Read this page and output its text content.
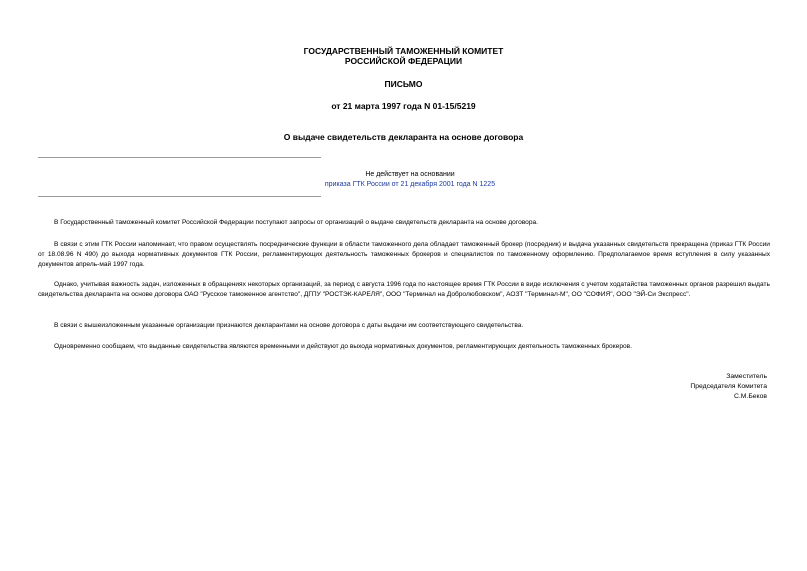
ГОСУДАРСТВЕННЫЙ ТАМОЖЕННЫЙ КОМИТЕТ
РОССИЙСКОЙ ФЕДЕРАЦИИ
ПИСЬМО
от 21 марта 1997 года N 01-15/5219
О выдаче свидетельств декларанта на основе договора
Не действует на основании
приказа ГТК России от 21 декабря 2001 года N 1225

В Государственный таможенный комитет Российской Федерации поступают запросы от организаций о выдаче свидетельств декларанта на основе договора.

В связи с этим ГТК России напоминает, что правом осуществлять посреднические функции в области таможенного дела обладает таможенный брокер (посредник) и выдача указанных свидетельств прекращена (приказ ГТК России от 18.08.96 N 490) до выхода нормативных документов ГТК России, регламентирующих деятельность таможенных брокеров и специалистов по таможенному оформлению. Предполагаемое время вступления в силу указанных документов апрель-май 1997 года.

Однако, учитывая важность задач, изложенных в обращениях некоторых организаций, за период с августа 1996 года по настоящее время ГТК России в виде исключения с учетом ходатайства таможенных органов разрешил выдать свидетельства декларанта на основе договора ОАО "Русское таможенное агентство", ДГПУ "РОСТЭК-КАРЕЛЯ", ООО "Терминал на Добролюбовском", АОЗТ "Терминал-М", ОО "СОФИЯ", ООО "ЭЙ-Си Экспресс".

В связи с вышеизложенным указанные организации признаются декларантами на основе договора с даты выдачи им соответствующего свидетельства.

Одновременно сообщаем, что выданные свидетельства являются временными и действуют до выхода нормативных документов, регламентирующих деятельность таможенных брокеров.

Заместитель
Председателя Комитета
С.М.Беков
